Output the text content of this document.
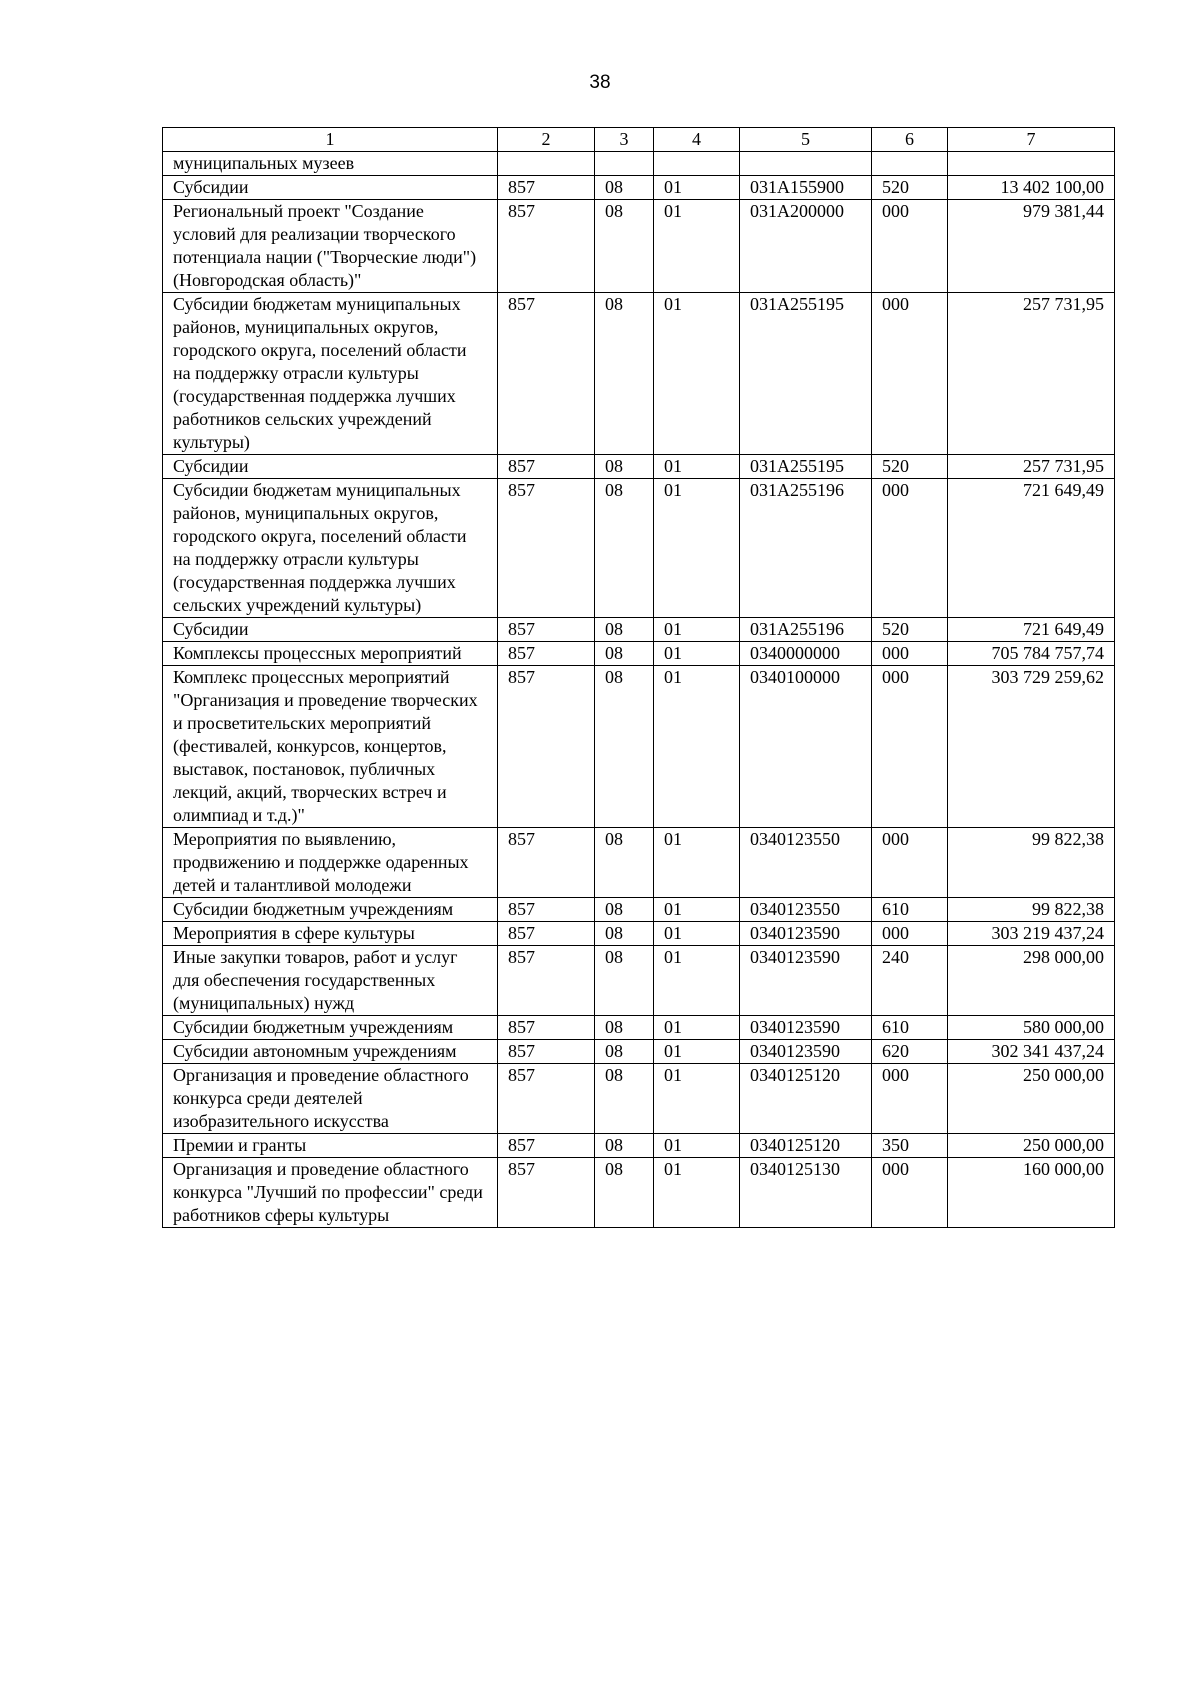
38
1	2	3	4	5	6	7
муниципальных музеев						
Субсидии	857	08	01	031А155900	520	13 402 100,00
Региональный проект "Создание условий для реализации творческого потенциала нации ("Творческие люди") (Новгородская область)"	857	08	01	031А200000	000	979 381,44
Субсидии бюджетам муниципальных районов, муниципальных округов, городского округа, поселений области на поддержку отрасли культуры (государственная поддержка лучших работников сельских учреждений культуры)	857	08	01	031А255195	000	257 731,95
Субсидии	857	08	01	031А255195	520	257 731,95
Субсидии бюджетам муниципальных районов, муниципальных округов, городского округа, поселений области на поддержку отрасли культуры (государственная поддержка лучших сельских учреждений культуры)	857	08	01	031А255196	000	721 649,49
Субсидии	857	08	01	031А255196	520	721 649,49
Комплексы процессных мероприятий	857	08	01	0340000000	000	705 784 757,74
Комплекс процессных мероприятий "Организация и проведение творческих и просветительских мероприятий (фестивалей, конкурсов, концертов, выставок, постановок, публичных лекций, акций, творческих встреч и олимпиад и т.д.)"	857	08	01	0340100000	000	303 729 259,62
Мероприятия по выявлению, продвижению и поддержке одаренных детей и талантливой молодежи	857	08	01	0340123550	000	99 822,38
Субсидии бюджетным учреждениям	857	08	01	0340123550	610	99 822,38
Мероприятия в сфере культуры	857	08	01	0340123590	000	303 219 437,24
Иные закупки товаров, работ и услуг для обеспечения государственных (муниципальных) нужд	857	08	01	0340123590	240	298 000,00
Субсидии бюджетным учреждениям	857	08	01	0340123590	610	580 000,00
Субсидии автономным учреждениям	857	08	01	0340123590	620	302 341 437,24
Организация и проведение областного конкурса среди деятелей изобразительного искусства	857	08	01	0340125120	000	250 000,00
Премии и гранты	857	08	01	0340125120	350	250 000,00
Организация и проведение областного конкурса "Лучший по профессии" среди работников сферы культуры	857	08	01	0340125130	000	160 000,00
